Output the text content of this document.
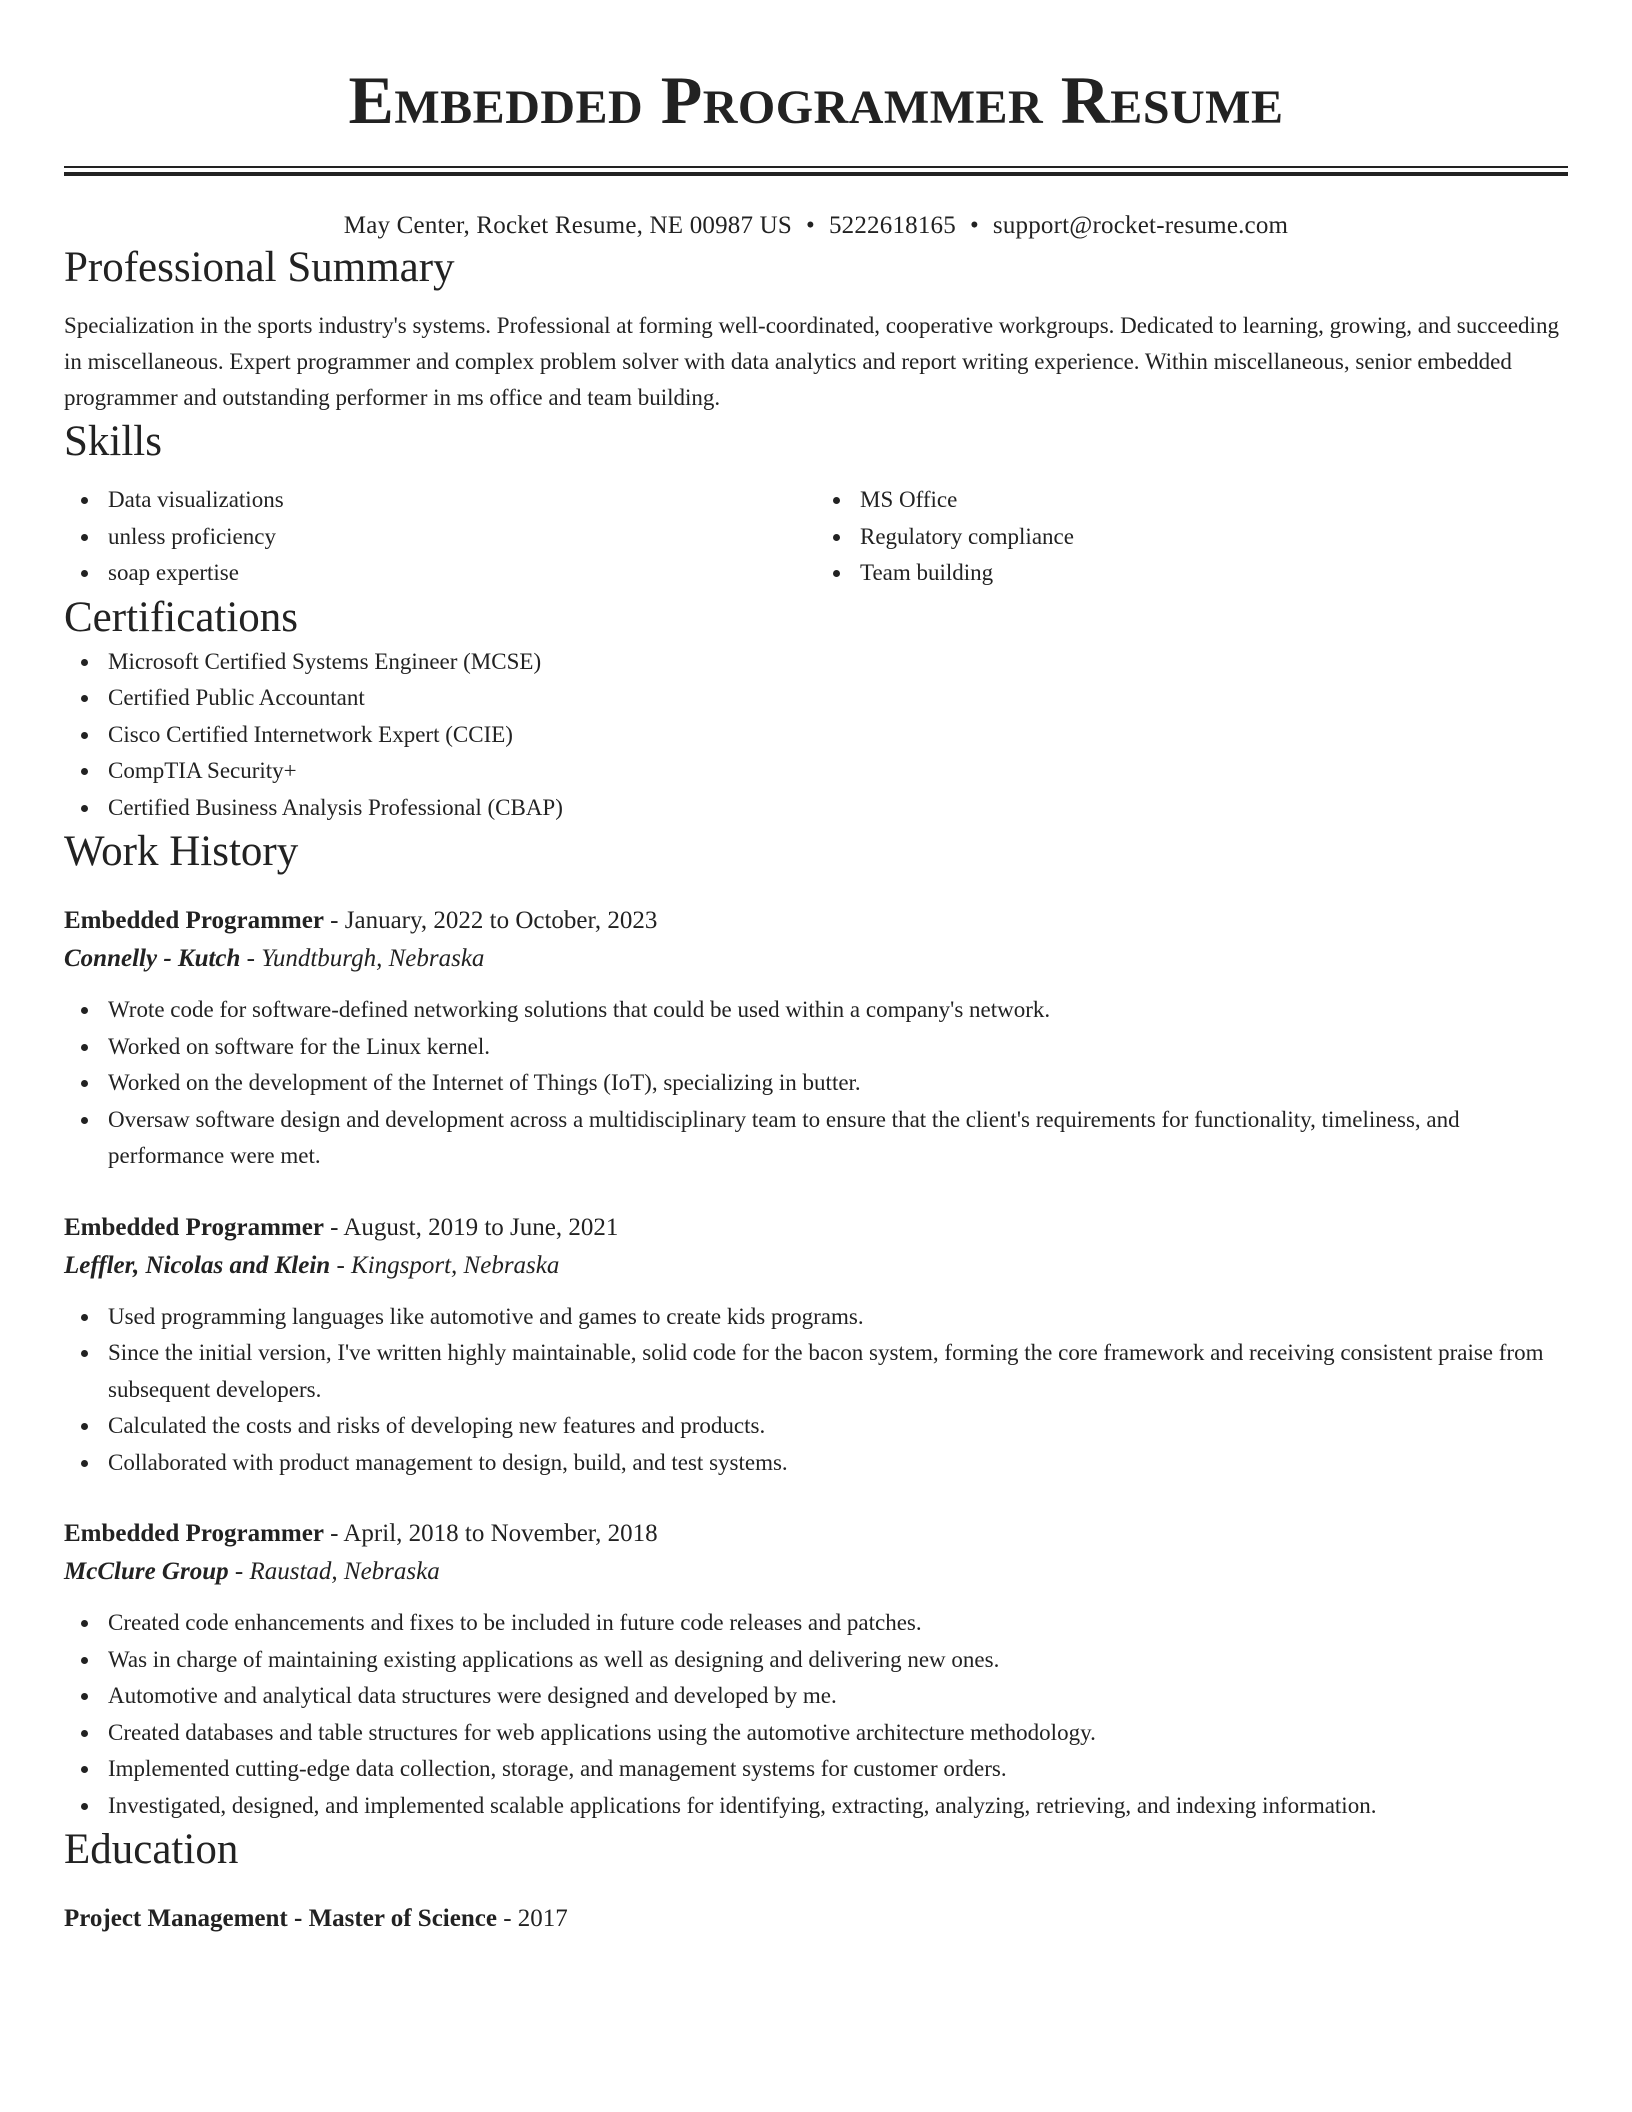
Embedded Programmer Resume
May Center, Rocket Resume, NE 00987 US • 5222618165 • support@rocket-resume.com
Professional Summary

Specialization in the sports industry's systems. Professional at forming well-coordinated, cooperative workgroups. Dedicated to learning, growing, and succeeding in miscellaneous. Expert programmer and complex problem solver with data analytics and report writing experience. Within miscellaneous, senior embedded programmer and outstanding performer in ms office and team building.

Skills
Data visualizations
unless proficiency
soap expertise
MS Office
Regulatory compliance
Team building
Certifications
Microsoft Certified Systems Engineer (MCSE)
Certified Public Accountant
Cisco Certified Internetwork Expert (CCIE)
CompTIA Security+
Certified Business Analysis Professional (CBAP)
Work History
Embedded Programmer - January, 2022 to October, 2023
Connelly - Kutch - Yundtburgh, Nebraska
Wrote code for software-defined networking solutions that could be used within a company's network.
Worked on software for the Linux kernel.
Worked on the development of the Internet of Things (IoT), specializing in butter.
Oversaw software design and development across a multidisciplinary team to ensure that the client's requirements for functionality, timeliness, and performance were met.
Embedded Programmer - August, 2019 to June, 2021
Leffler, Nicolas and Klein - Kingsport, Nebraska
Used programming languages like automotive and games to create kids programs.
Since the initial version, I've written highly maintainable, solid code for the bacon system, forming the core framework and receiving consistent praise from subsequent developers.
Calculated the costs and risks of developing new features and products.
Collaborated with product management to design, build, and test systems.
Embedded Programmer - April, 2018 to November, 2018
McClure Group - Raustad, Nebraska
Created code enhancements and fixes to be included in future code releases and patches.
Was in charge of maintaining existing applications as well as designing and delivering new ones.
Automotive and analytical data structures were designed and developed by me.
Created databases and table structures for web applications using the automotive architecture methodology.
Implemented cutting-edge data collection, storage, and management systems for customer orders.
Investigated, designed, and implemented scalable applications for identifying, extracting, analyzing, retrieving, and indexing information.
Education
Project Management - Master of Science - 2017
